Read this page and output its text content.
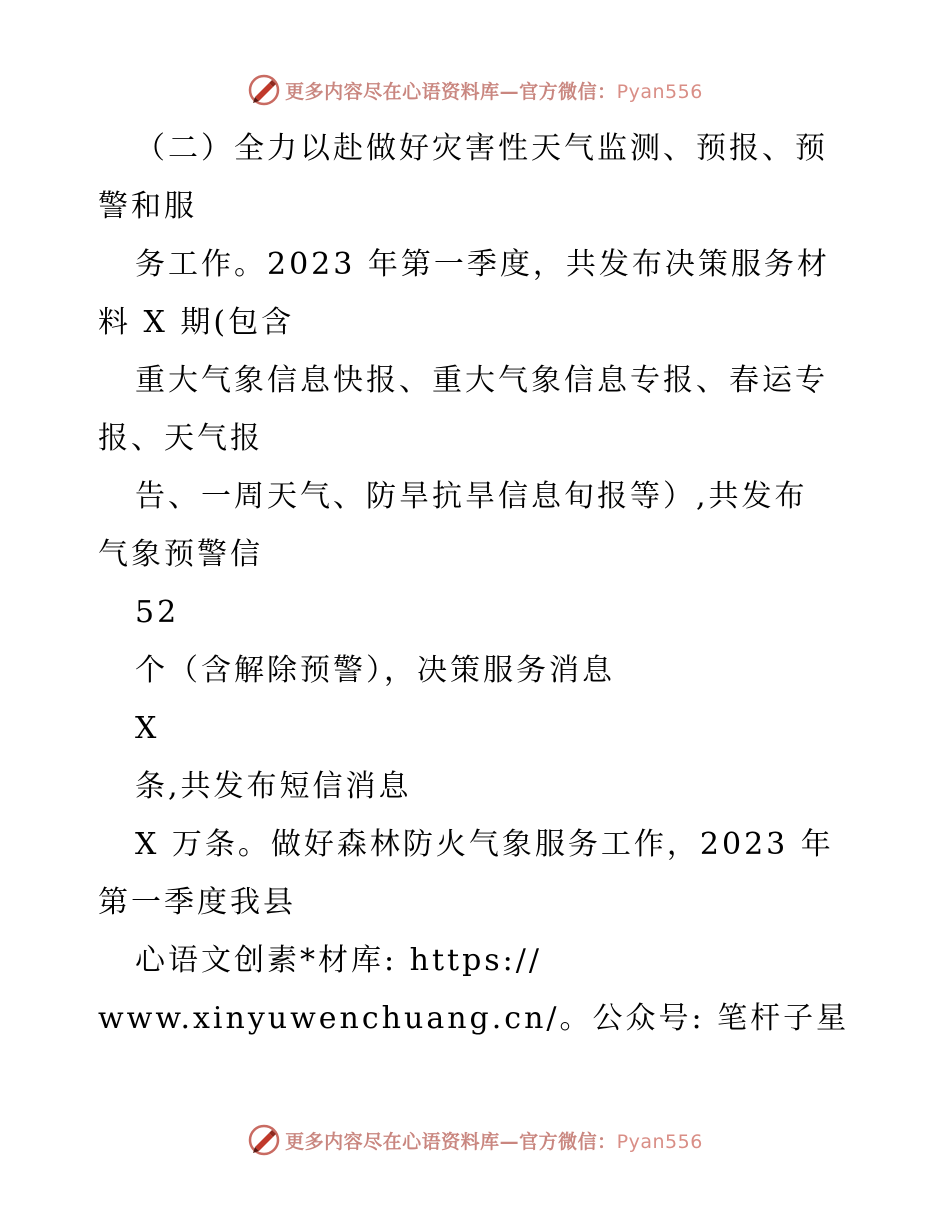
更多内容尽在心语资料库—官方微信：Pyan556
（二）全力以赴做好灾害性天气监测、预报、预
警和服
务工作。2023 年第一季度，共发布决策服务材
料 X 期(包含
重大气象信息快报、重大气象信息专报、春运专
报、天气报
告、一周天气、防旱抗旱信息旬报等）,共发布
气象预警信
52
个（含解除预警），决策服务消息
X
条,共发布短信消息
X 万条。做好森林防火气象服务工作，2023 年
第一季度我县
心语文创素*材库: https://
www.xinyuwenchuang.cn/。公众号: 笔杆子星
更多内容尽在心语资料库—官方微信：Pyan556
